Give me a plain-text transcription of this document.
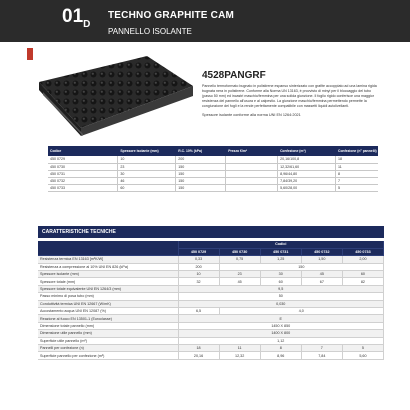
$01_D$
TECHNO GRAPHITE CAM
PANNELLO ISOLANTE
4528PANGRF
Pannello termoformato bugnato in polistirene espanso sinterizzato con grafite accoppiato ad una lamina rigida bugnata nera in polistirene. Conforme alla Norma UN 13163, è provvisto di minyi per il bloccaggio del tubo (passo 50 mm) ed incastri maschio/femmina per una solida giunzione. Il foglio rigido conferisce una maggior resistenza del pannello all'usura e al calpestio. La giunzione maschio/femmina permettendo permette la congiunzione dei fogli e la rende perfettamente compatibile con massetti liquidi autolivellanti.
Spessore isolante conforme alla norma UNI EN 1264:2021
Codice	Spessore isolante (mm)	R.C. 10% (kPa)	Prezzo €/m²	Confezione (m²)	Confezione (n° pannelli)
450 0729	10	200		20,16/100,8	18
450 0730	23	150		12,32/61,60	11
450 0731	30	150		8,96/44,80	8
450 0732	46	150		7,84/39,20	7
450 0733	60	150		5,60/28,00	5
CARATTERISTICHE TECNICHE
	Codici				
	450 0729	450 0730	450 0731	450 0732	450 0733
Resistenza termica EN 13163 [m²K/W]	0,33	0,75	1,25	1,50	2,00
Resistenza a compressione al 10% UNI EN 826 (kPa)	200	150			
Spessore isolante (mm)	10	23	30	45	60
Spessore totale (mm)	32	45	60	67	82
Spessore totale equivalente UNI EN 1264/3 (mm)	9,5				
Passo minimo di posa tubo (mm)	50				
Conduttività termica UNI EN 12667 (W/mK)	0,030				
Accostamento acqua UNI EN 12087 (%)	6,5	4,0			
Reazione al fuoco EN 13501-1 (Euroclasse)	E				
Dimensione totale pannello (mm)	1450 X 850				
Dimensione utile pannello (mm)	1400 X 800				
Superficie utile pannello (m²)	1,12				
Pannelli per confezione (n)	18	11	8	7	5
Superficie pannello per confezione (m²)	20,16	12,32	8,96	7,84	5,60
